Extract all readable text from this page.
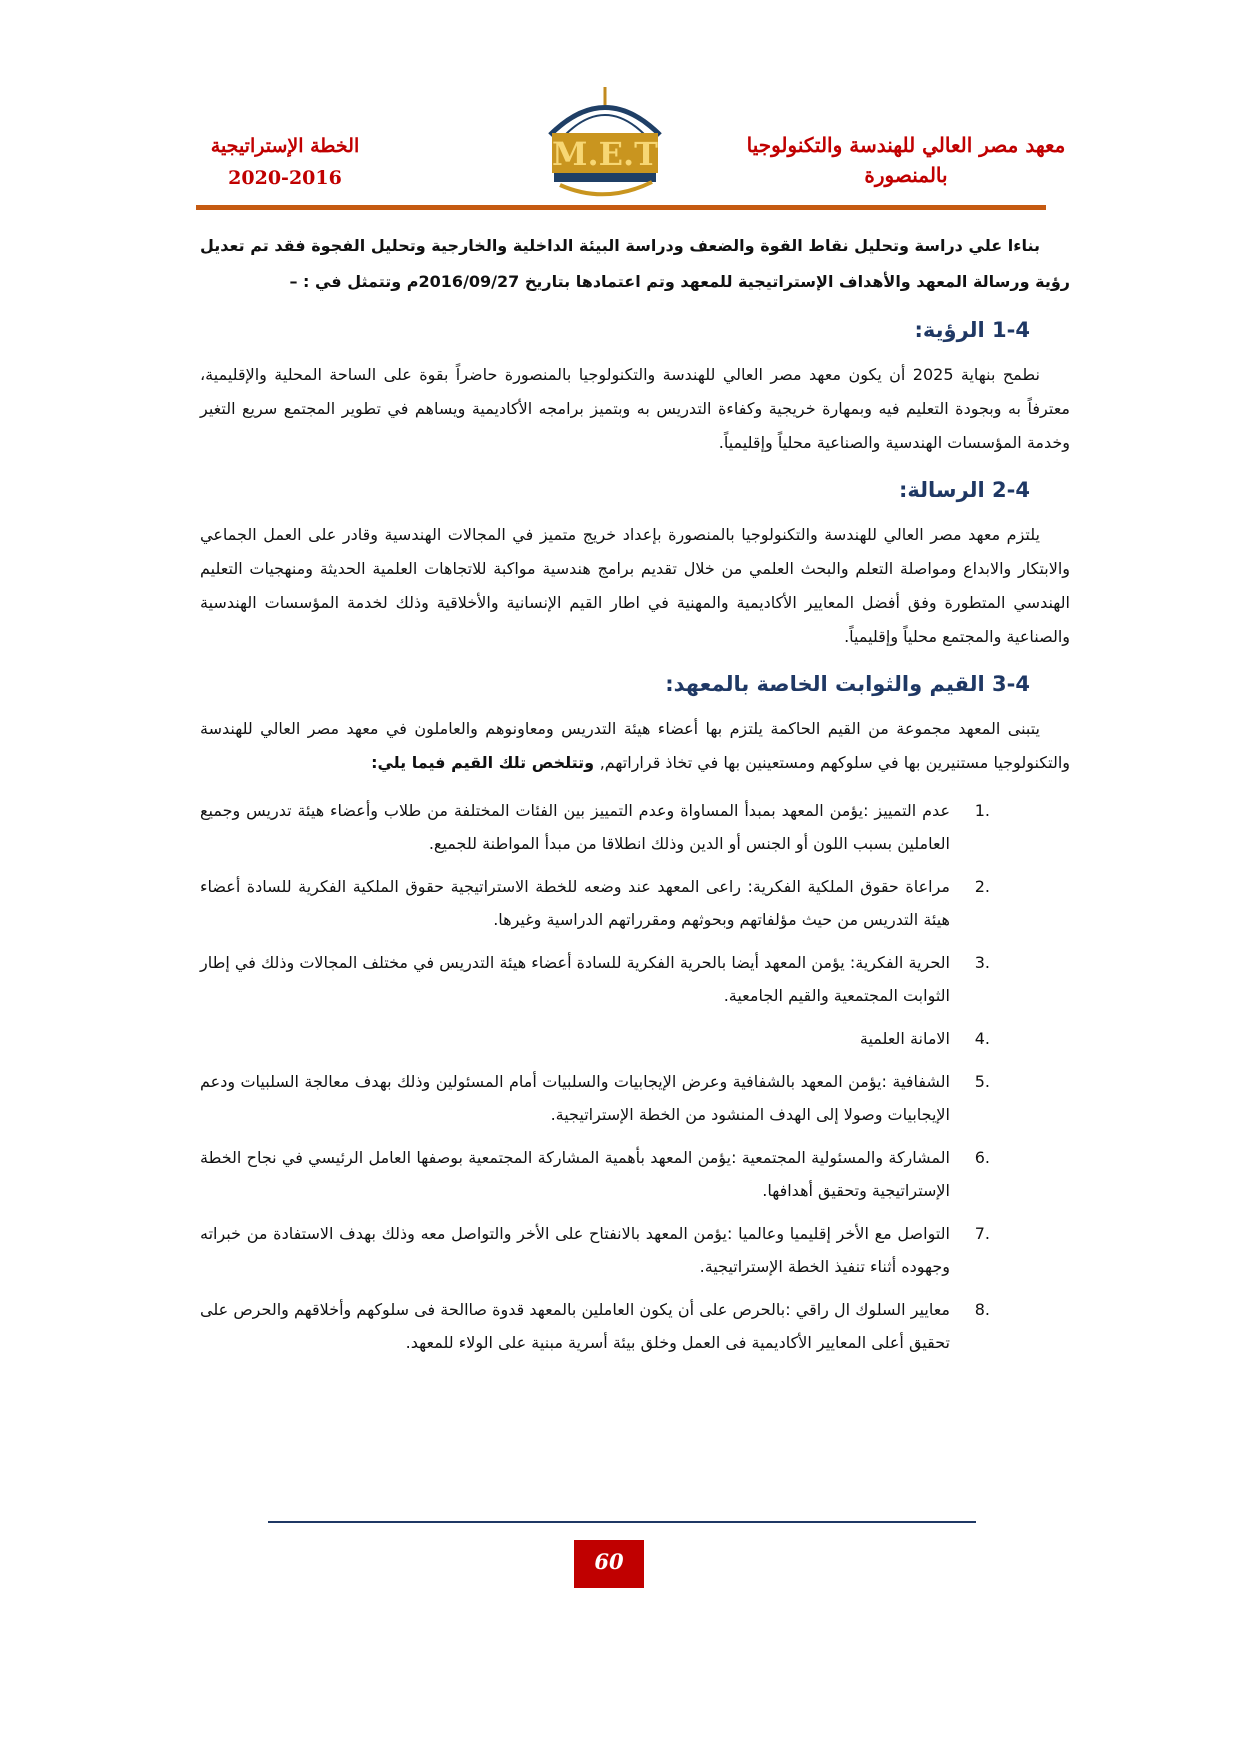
معهد مصر العالي للهندسة والتكنولوجيا
بالمنصورة
M.E.T
الخطة الإستراتيجية
2020-2016

بناءا علي دراسة وتحليل نقاط القوة والضعف ودراسة البيئة الداخلية والخارجية وتحليل الفجوة فقد تم تعديل رؤية ورسالة المعهد والأهداف الإستراتيجية للمعهد وتم اعتمادها بتاريخ 2016/09/27م وتتمثل في : –

1-4 الرؤية:

نطمح بنهاية 2025 أن يكون معهد مصر العالي للهندسة والتكنولوجيا بالمنصورة حاضراً بقوة على الساحة المحلية والإقليمية، معترفاً به وبجودة التعليم فيه وبمهارة خريجية وكفاءة التدريس به وبتميز برامجه الأكاديمية ويساهم في تطوير المجتمع سريع التغير وخدمة المؤسسات الهندسية والصناعية محلياً وإقليمياً.

2-4 الرسالة:

يلتزم معهد مصر العالي للهندسة والتكنولوجيا بالمنصورة بإعداد خريج متميز في المجالات الهندسية وقادر على العمل الجماعي والابتكار والابداع ومواصلة التعلم والبحث العلمي من خلال تقديم برامج هندسية مواكبة للاتجاهات العلمية الحديثة ومنهجيات التعليم الهندسي المتطورة وفق أفضل المعايير الأكاديمية والمهنية في اطار القيم الإنسانية والأخلاقية وذلك لخدمة المؤسسات الهندسية والصناعية والمجتمع محلياً وإقليمياً.

3-4 القيم والثوابت الخاصة بالمعهد:

يتبنى المعهد مجموعة من القيم الحاكمة يلتزم بها أعضاء هيئة التدريس ومعاونوهم والعاملون في معهد مصر العالي للهندسة والتكنولوجيا مستنيرين بها في سلوكهم ومستعينين بها في تخاذ قراراتهم, وتتلخص تلك القيم فيما يلي:

1.
عدم التمييز :يؤمن المعهد بمبدأ المساواة وعدم التمييز بين الفئات المختلفة من طلاب وأعضاء هيئة تدريس وجميع العاملين بسبب اللون أو الجنس أو الدين وذلك انطلاقا من مبدأ المواطنة للجميع.
2.
مراعاة حقوق الملكية الفكرية: راعى المعهد عند وضعه للخطة الاستراتيجية حقوق الملكية الفكرية للسادة أعضاء هيئة التدريس من حيث مؤلفاتهم وبحوثهم ومقرراتهم الدراسية وغيرها.
3.
الحرية الفكرية: يؤمن المعهد أيضا بالحرية الفكرية للسادة أعضاء هيئة التدريس في مختلف المجالات وذلك في إطار الثوابت المجتمعية والقيم الجامعية.
4.
الامانة العلمية
5.
الشفافية :يؤمن المعهد بالشفافية وعرض الإيجابيات والسلبيات أمام المسئولين وذلك بهدف معالجة السلبيات ودعم الإيجابيات وصولا إلى الهدف المنشود من الخطة الإستراتيجية.
6.
المشاركة والمسئولية المجتمعية :يؤمن المعهد بأهمية المشاركة المجتمعية بوصفها العامل الرئيسي في نجاح الخطة الإستراتيجية وتحقيق أهدافها.
7.
التواصل مع الأخر إقليميا وعالميا :يؤمن المعهد بالانفتاح على الأخر والتواصل معه وذلك بهدف الاستفادة من خبراته وجهوده أثناء تنفيذ الخطة الإستراتيجية.
8.
معايير السلوك ال راقي :بالحرص على أن يكون العاملين بالمعهد قدوة صاالحة فى سلوكهم وأخلاقهم والحرص على تحقيق أعلى المعايير الأكاديمية فى العمل وخلق بيئة أسرية مبنية على الولاء للمعهد.
60
